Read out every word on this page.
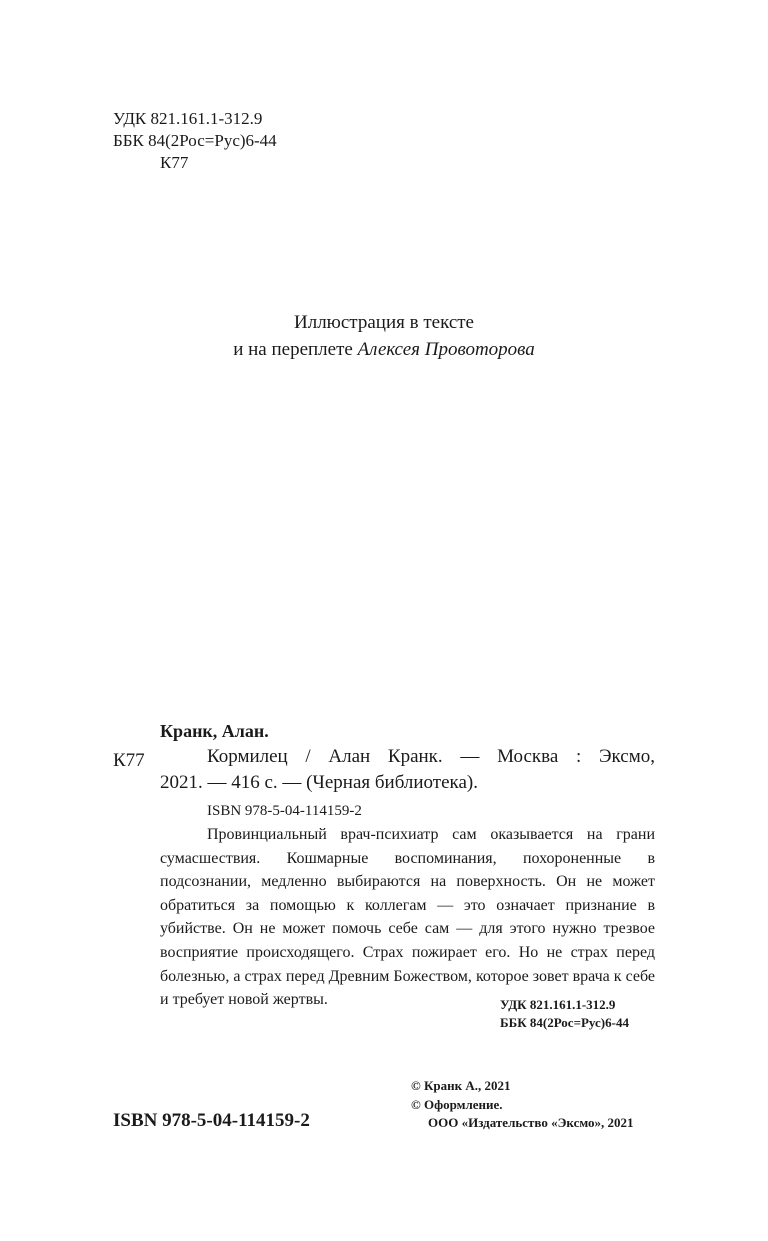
УДК 821.161.1-312.9
ББК 84(2Рос=Рус)6-44
К77
Иллюстрация в тексте
и на переплете Алексея Провоторова
Кранк, Алан.
К77	Кормилец / Алан Кранк. — Москва : Эксмо,
2021. — 416 с. — (Черная библиотека).
ISBN 978-5-04-114159-2

Провинциальный врач-психиатр сам оказывается на грани сумасшествия. Кошмарные воспоминания, похороненные в подсознании, медленно выбираются на поверхность. Он не может обратиться за помощью к коллегам — это означает признание в убийстве. Он не может помочь себе сам — для этого нужно трезвое восприятие происходящего. Страх пожирает его. Но не страх перед болезнью, а страх перед Древним Божеством, которое зовет врача к себе и требует новой жертвы.	УДК 821.161.1-312.9
ББК 84(2Рос=Рус)6-44
© Кранк А., 2021
© Оформление.
ООО «Издательство «Эксмо», 2021
ISBN 978-5-04-114159-2
